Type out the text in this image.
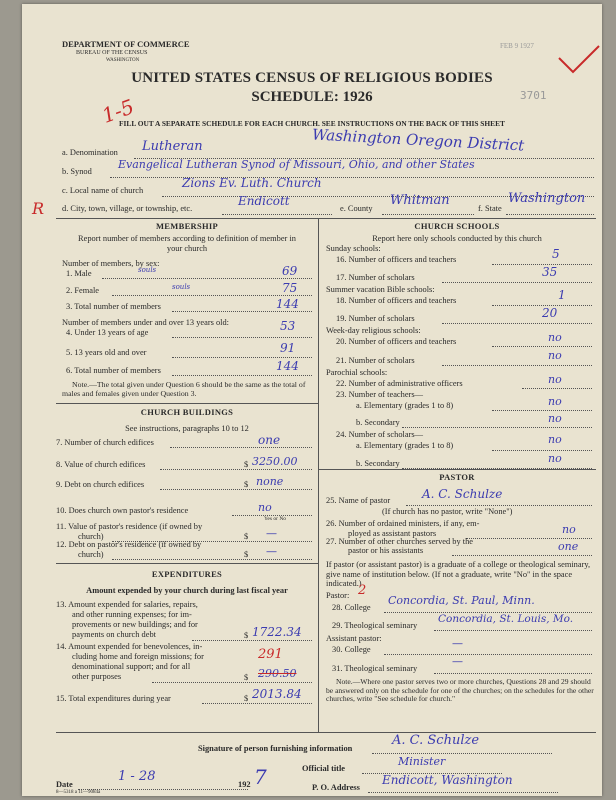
DEPARTMENT OF COMMERCE
BUREAU OF THE CENSUS
WASHINGTON
FEB 9 1927
3701
UNITED STATES CENSUS OF RELIGIOUS BODIES
SCHEDULE: 1926
FILL OUT A SEPARATE SCHEDULE FOR EACH CHURCH. SEE INSTRUCTIONS ON THE BACK OF THIS SHEET
1-5
R
a. Denomination Lutheran	Washington Oregon District
b. Synod
Evangelical Lutheran Synod of Missouri, Ohio, and other States
c. Local name of church
Zions Ev. Luth. Church
d. City, town, village, or township, etc.
Endicott
e. County
Whitman
f. State
Washington
MEMBERSHIP
Report number of members according to definition of member in your church
Number of members, by sex:
1. Male	souls	69
2. Female	souls	75
3. Total number of members	144
Number of members under and over 13 years old:
4. Under 13 years of age	53
5. 13 years old and over	91
6. Total number of members	144
Note.—The total given under Question 6 should be the same as the total of males and females given under Question 3.
CHURCH BUILDINGS
See instructions, paragraphs 10 to 12
7. Number of church edifices	one
8. Value of church edifices	$ 3250.00
9. Debt on church edifices	$ none
10. Does church own pastor's residence	no
Yes or No
11. Value of pastor's residence (if owned by
church)	$ —
12. Debt on pastor's residence (if owned by
church)	$ —
EXPENDITURES
Amount expended by your church during last fiscal year
13. Amount expended for salaries, repairs,
and other running expenses; for im-
provements or new buildings; and for
payments on church debt	$ 1722.34
14. Amount expended for benevolences, in-
cluding home and foreign missions; for
denominational support; and for all
other purposes
291
$ 290.50
15. Total expenditures during year	$ 2013.84
CHURCH SCHOOLS
Report here only schools conducted by this church
Sunday schools:
16. Number of officers and teachers	5
17. Number of scholars	35
Summer vacation Bible schools:
18. Number of officers and teachers	1
19. Number of scholars	20
Week-day religious schools:
20. Number of officers and teachers	no
21. Number of scholars	no
Parochial schools:
22. Number of administrative officers	no
23. Number of teachers—
a. Elementary (grades 1 to 8)	no
b. Secondary	no
24. Number of scholars—
a. Elementary (grades 1 to 8)	no
b. Secondary	no
PASTOR
25. Name of pastor	A. C. Schulze
(If church has no pastor, write "None")
26. Number of ordained ministers, if any, em-
ployed as assistant pastors	no
27. Number of other churches served by the
pastor or his assistants	one
If pastor (or assistant pastor) is a graduate of a college or theological seminary, give name of institution below. (If not a graduate, write "No" in the space indicated.)
Pastor: 2
28. College
Concordia, St. Paul, Minn.
29. Theological seminary
Concordia, St. Louis, Mo.
Assistant pastor:
30. College	—
31. Theological seminary
—
Note.—Where one pastor serves two or more churches, Questions 28 and 29 should be answered only on the schedule for one of the churches; on the schedules for the other churches, write "See schedule for church."
Signature of person furnishing information
A. C. Schulze
Official title
Minister
Date
1 - 28
192 7	P. O. Address
Endicott, Washington
8—5318 a 11—9084a
